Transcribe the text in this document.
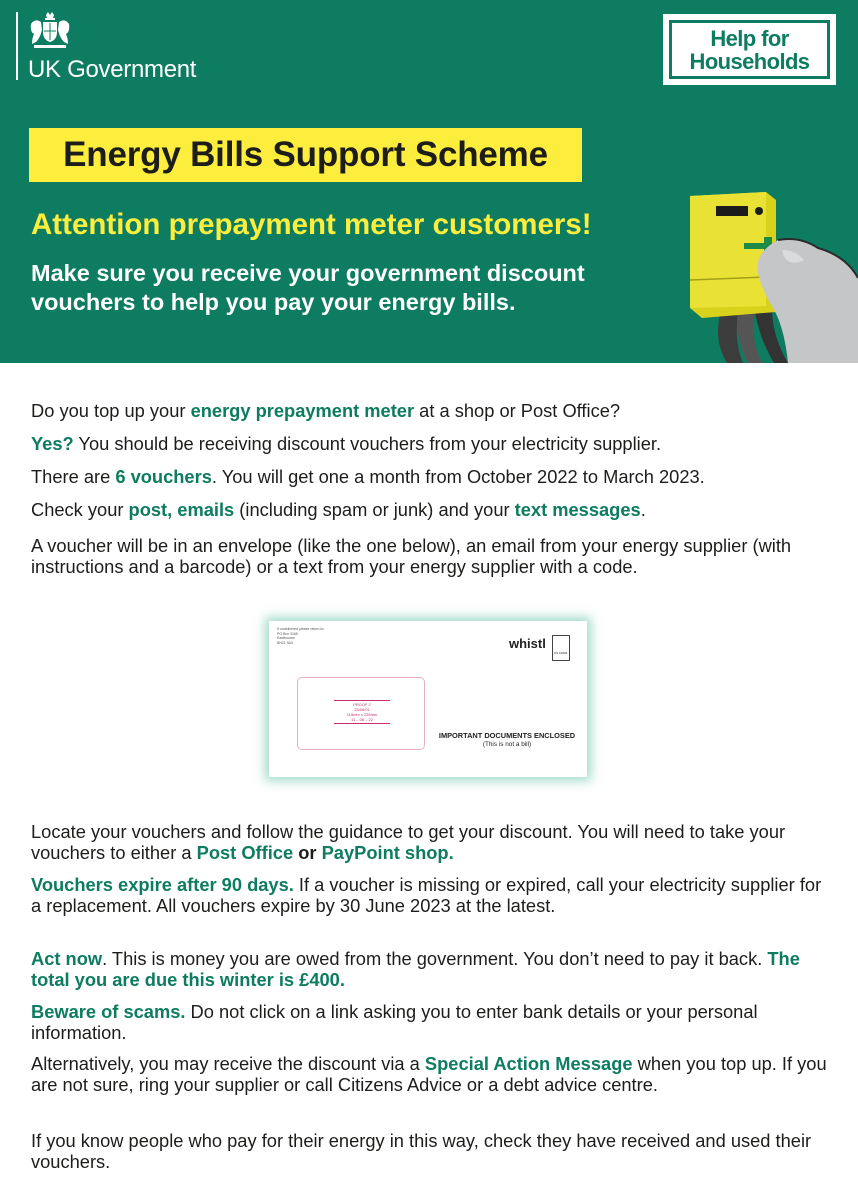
UK Government
Help for
Households
Energy Bills Support Scheme
Attention prepayment meter customers!
Make sure you receive your government discount vouchers to help you pay your energy bills.
Do you top up your energy prepayment meter at a shop or Post Office?
Yes? You should be receiving discount vouchers from your electricity supplier.
There are 6 vouchers. You will get one a month from October 2022 to March 2023.
Check your post, emails (including spam or junk) and your text messages.
A voucher will be in an envelope (like the one below), an email from your energy supplier (with instructions and a barcode) or a text from your energy supplier with a code.
If undelivered please return to:
PO Box 3165
Eastbourne
BN21 9AX	whistl
CS 10002
PROOF 2
23/06/01
115mm x 235mm
11 – 06 – 22
IMPORTANT DOCUMENTS ENCLOSED
(This is not a bill)
Locate your vouchers and follow the guidance to get your discount. You will need to take your vouchers to either a Post Office or PayPoint shop.
Vouchers expire after 90 days. If a voucher is missing or expired, call your electricity supplier for a replacement. All vouchers expire by 30 June 2023 at the latest.
Act now. This is money you are owed from the government. You don’t need to pay it back. The total you are due this winter is £400.
Beware of scams. Do not click on a link asking you to enter bank details or your personal information.
Alternatively, you may receive the discount via a Special Action Message when you top up. If you are not sure, ring your supplier or call Citizens Advice or a debt advice centre.
If you know people who pay for their energy in this way, check they have received and used their vouchers.
